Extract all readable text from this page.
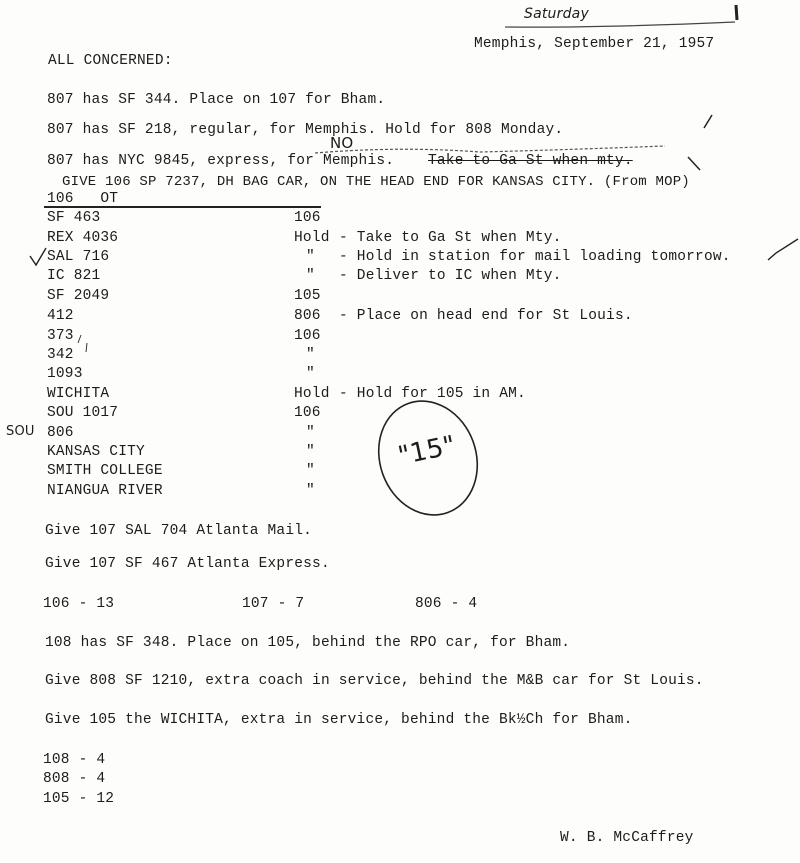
Saturday
Memphis, September 21, 1957
ALL CONCERNED:
807 has SF 344. Place on 107 for Bham.
807 has SF 218, regular, for Memphis. Hold for 808 Monday.
807 has NYC 9845, express, for Memphis. Take to Ga St when mty.
NO
GIVE 106 SP 7237, DH BAG CAR, ON THE HEAD END FOR KANSAS CITY. (From MOP)
106   OT
SF 463	106
REX 4036	Hold - Take to Ga St when Mty.
SAL 716	" - Hold in station for mail loading tomorrow.
IC 821	" - Deliver to IC when Mty.
SF 2049	105
412	806 - Place on head end for St Louis.
373	106
342	"
1093	"
WICHITA	Hold - Hold for 105 in AM.
SOU 1017	106
806	"
KANSAS CITY	"
SMITH COLLEGE	"
NIANGUA RIVER	"
SOU	"15"
Give 107 SAL 704 Atlanta Mail.
Give 107 SF 467 Atlanta Express.
106 - 13	107 - 7	806 - 4
108 has SF 348. Place on 105, behind the RPO car, for Bham.
Give 808 SF 1210, extra coach in service, behind the M&B car for St Louis.
Give 105 the WICHITA, extra in service, behind the Bk½Ch for Bham.
108 - 4
808 - 4
105 - 12
W. B. McCaffrey
